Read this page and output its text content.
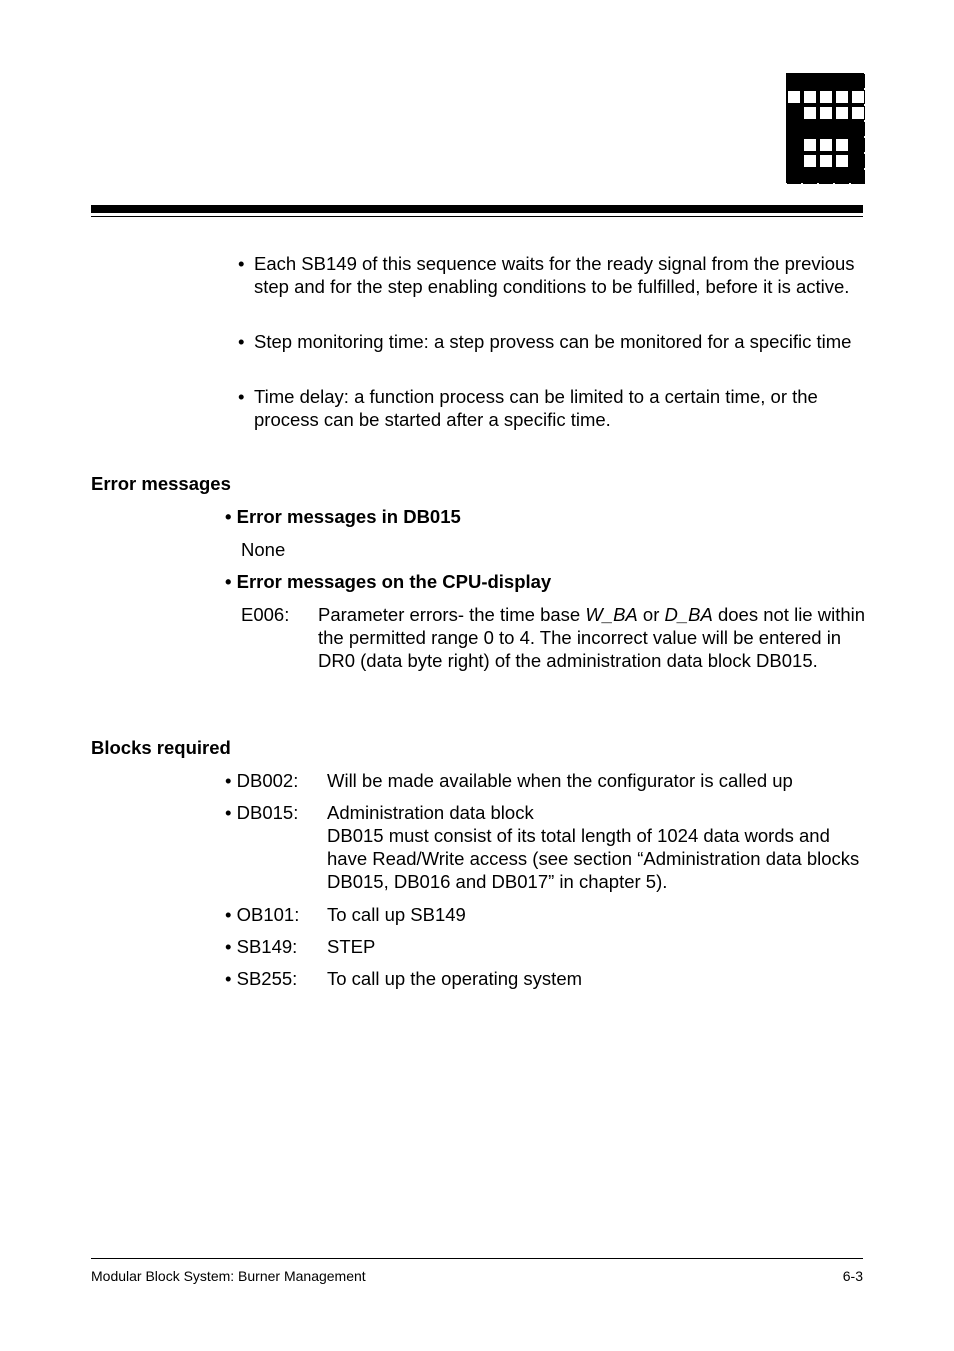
• Each SB149 of this sequence waits for the ready signal from the previous step and for the step enabling conditions to be fulfilled, before it is active.
• Step monitoring time: a step provess can be monitored for a specific time
• Time delay: a function process can be limited to a certain time, or the process can be started after a specific time.
Error messages
• Error messages in DB015
None
• Error messages on the CPU-display
E006: Parameter errors- the time base W_BA or D_BA does not lie within the permitted range 0 to 4. The incorrect value will be entered in DR0 (data byte right) of the administration data block DB015.
Blocks required
• DB002: Will be made available when the configurator is called up
• DB015: Administration data block
DB015 must consist of its total length of 1024 data words and have Read/Write access (see section “Administration data blocks DB015, DB016 and DB017” in chapter 5).
• OB101: To call up SB149
• SB149: STEP
• SB255: To call up the operating system
Modular Block System: Burner Management	6-3
